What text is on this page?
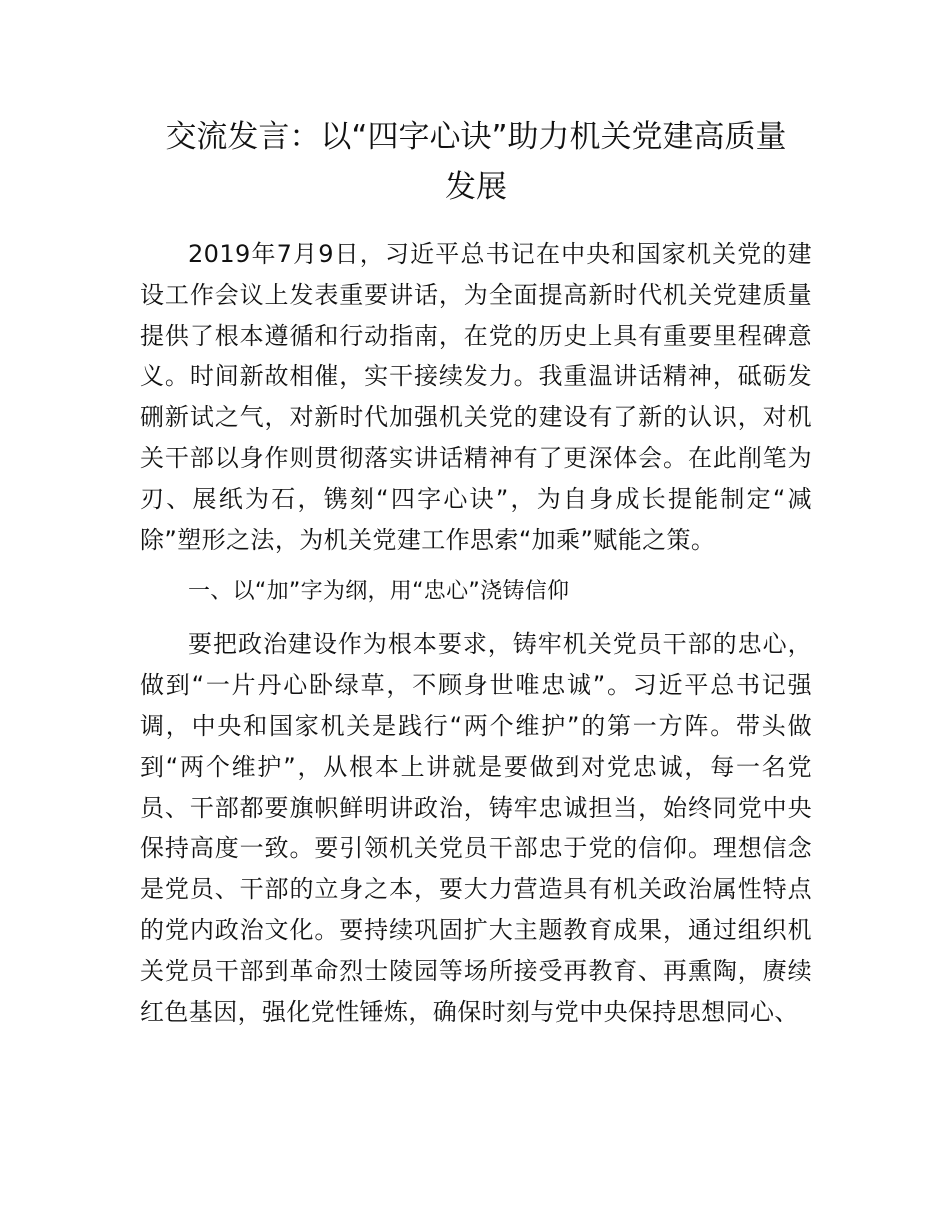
交流发言：以“四字心诀”助力机关党建高质量
发展

2019年7月9日，习近平总书记在中央和国家机关党的建设工作会议上发表重要讲话，为全面提高新时代机关党建质量提供了根本遵循和行动指南，在党的历史上具有重要里程碑意义。时间新故相催，实干接续发力。我重温讲话精神，砥砺发硎新试之气，对新时代加强机关党的建设有了新的认识，对机关干部以身作则贯彻落实讲话精神有了更深体会。在此削笔为刃、展纸为石，镌刻“四字心诀”，为自身成长提能制定“减除”塑形之法，为机关党建工作思索“加乘”赋能之策。

一、以“加”字为纲，用“忠心”浇铸信仰

要把政治建设作为根本要求，铸牢机关党员干部的忠心，做到“一片丹心卧绿草，不顾身世唯忠诚”。习近平总书记强调，中央和国家机关是践行“两个维护”的第一方阵。带头做到“两个维护”，从根本上讲就是要做到对党忠诚，每一名党员、干部都要旗帜鲜明讲政治，铸牢忠诚担当，始终同党中央保持高度一致。要引领机关党员干部忠于党的信仰。理想信念是党员、干部的立身之本，要大力营造具有机关政治属性特点的党内政治文化。要持续巩固扩大主题教育成果，通过组织机关党员干部到革命烈士陵园等场所接受再教育、再熏陶，赓续红色基因，强化党性锤炼，确保时刻与党中央保持思想同心、
